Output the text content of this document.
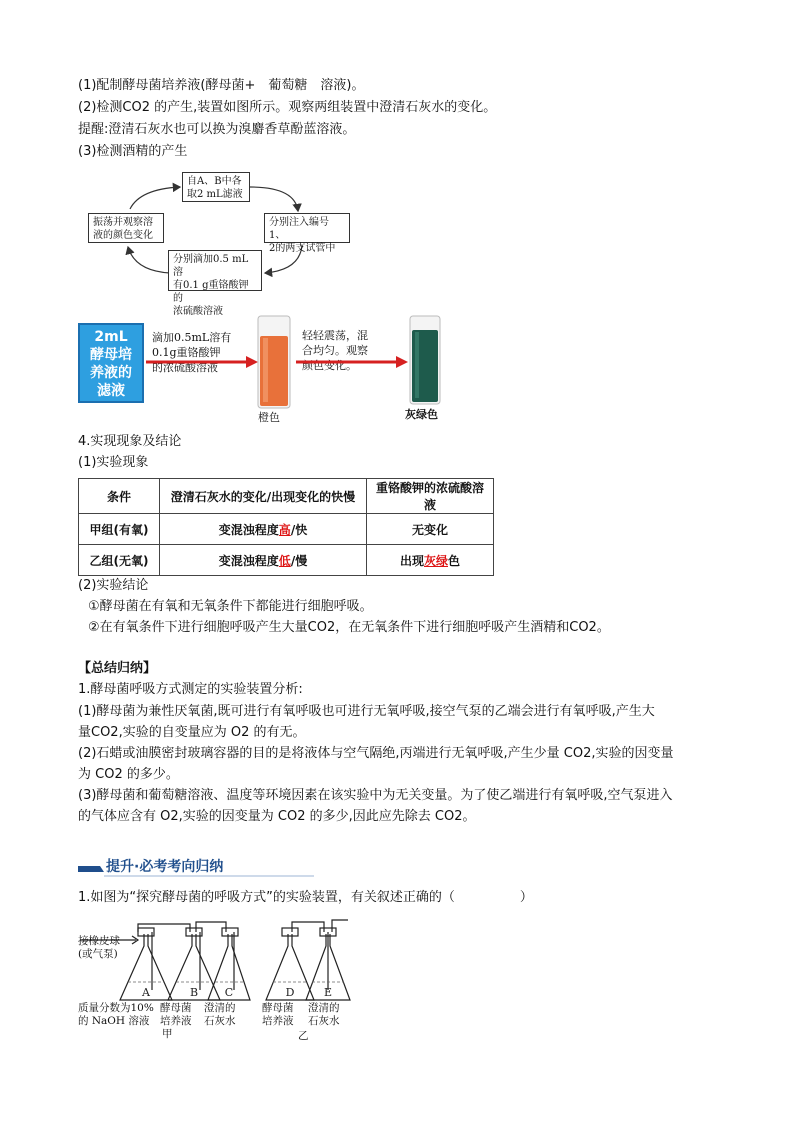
(1)配制酵母菌培养液(酵母菌+　葡萄糖　溶液)。
(2)检测CO2 的产生,装置如图所示。观察两组装置中澄清石灰水的变化。
提醒:澄清石灰水也可以换为溴麝香草酚蓝溶液。
(3)检测酒精的产生
自A、B中各
取2 mL滤液
分别注入编号1、
2的两支试管中
分别滴加0.5 mL溶
有0.1 g重铬酸钾的
浓硫酸溶液
振荡并观察溶
液的颜色变化
2mL
酵母培
养液的
滤液
滴加0.5mL溶有
0.1g重铬酸钾
的浓硫酸溶液
橙色
轻轻震荡，混
合均匀。观察
颜色变化。
灰绿色
4.实现现象及结论
(1)实验现象
条件	澄清石灰水的变化/出现变化的快慢	重铬酸钾的浓硫酸溶液
甲组(有氧)	变混浊程度高/快	无变化
乙组(无氧)	变混浊程度低/慢	出现灰绿色
(2)实验结论
①酵母菌在有氧和无氧条件下都能进行细胞呼吸。
②在有氧条件下进行细胞呼吸产生大量CO2，在无氧条件下进行细胞呼吸产生酒精和CO2。
【总结归纳】
1.酵母菌呼吸方式测定的实验装置分析:
(1)酵母菌为兼性厌氧菌,既可进行有氧呼吸也可进行无氧呼吸,接空气泵的乙端会进行有氧呼吸,产生大
量CO2,实验的自变量应为 O2 的有无。
(2)石蜡或油膜密封玻璃容器的目的是将液体与空气隔绝,丙端进行无氧呼吸,产生少量 CO2,实验的因变量
为 CO2 的多少。
(3)酵母菌和葡萄糖溶液、温度等环境因素在该实验中为无关变量。为了使乙端进行有氧呼吸,空气泵进入
的气体应含有 O2,实验的因变量为 CO2 的多少,因此应先除去 CO2。
提升·必考考向归纳
1.如图为“探究酵母菌的呼吸方式”的实验装置，有关叙述正确的（　　　　　）
A	B C	D	E
接橡皮球
(或气泵)
质量分数为10%
的 NaOH 溶液
酵母菌
培养液
澄清的
石灰水
酵母菌
培养液
澄清的
石灰水
甲	乙
